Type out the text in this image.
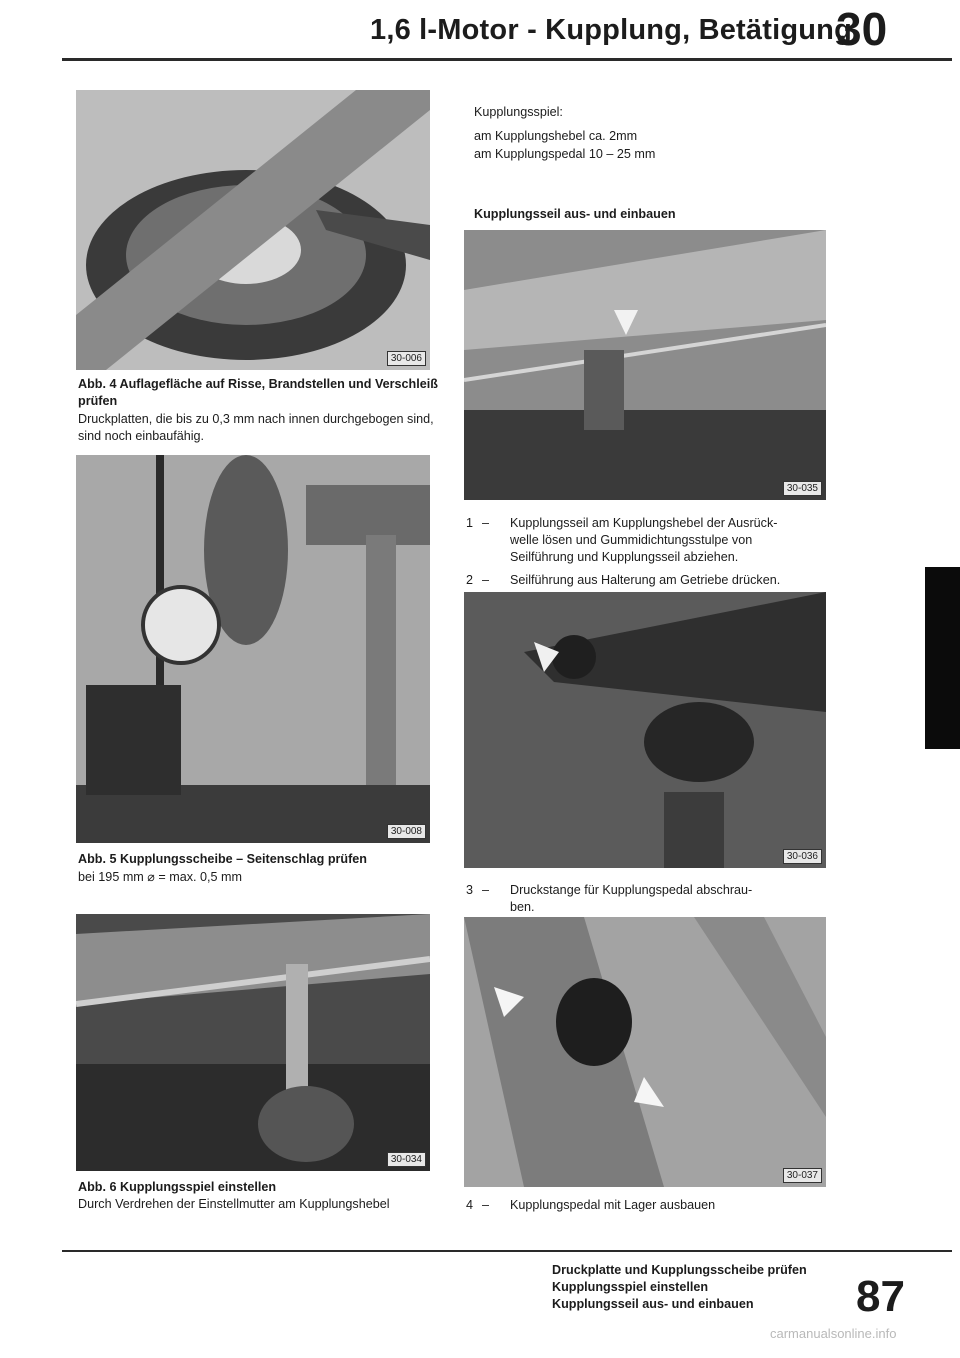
1,6 l-Motor - Kupplung, Betätigung
30
30-006
Abb. 4 Auflagefläche auf Risse, Brandstellen und Verschleiß prüfen
Druckplatten, die bis zu 0,3 mm nach innen durchgebogen sind, sind noch einbaufähig.
30-008
Abb. 5 Kupplungsscheibe – Seitenschlag prüfen
bei 195 mm ⌀ = max. 0,5 mm
30-034
Abb. 6 Kupplungsspiel einstellen
Durch Verdrehen der Einstellmutter am Kupplungshebel
Kupplungsspiel:
am Kupplungshebel ca. 2mm
am Kupplungspedal 10 – 25 mm
Kupplungsseil aus- und einbauen
30-035
1 –	Kupplungsseil am Kupplungshebel der Ausrück-
welle lösen und Gummidichtungsstulpe von
Seilführung und Kupplungsseil abziehen.
2 –	Seilführung aus Halterung am Getriebe drücken.
30-036
3 –	Druckstange für Kupplungspedal abschrau-
ben.
30-037
4 –	Kupplungspedal mit Lager ausbauen
Druckplatte und Kupplungsscheibe prüfen
Kupplungsspiel einstellen
Kupplungsseil aus- und einbauen 87
carmanualsonline.info
